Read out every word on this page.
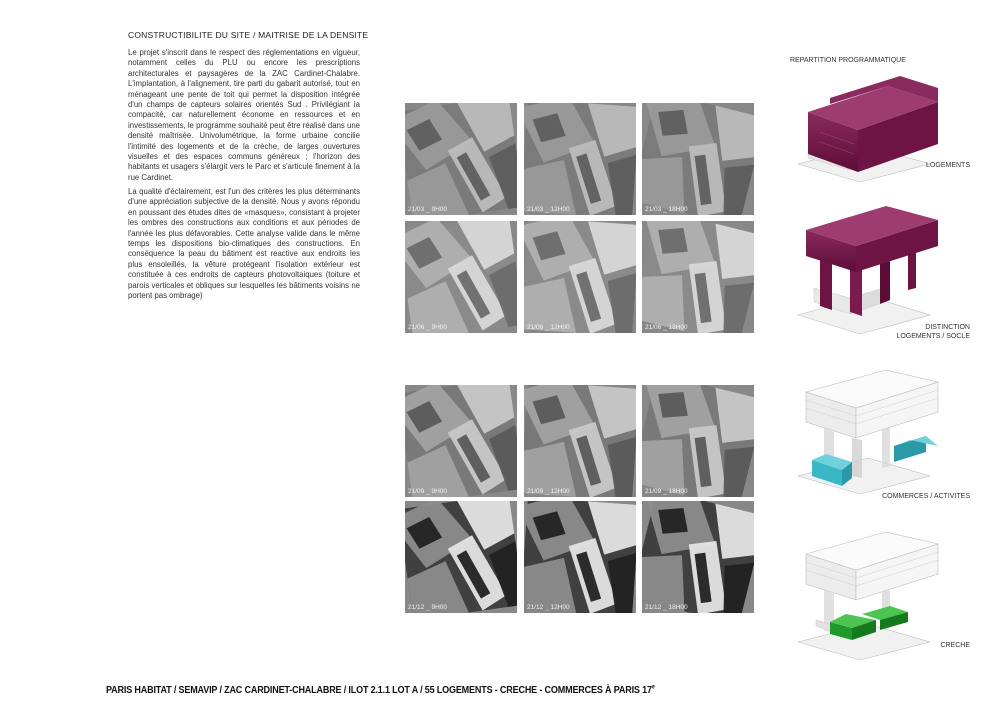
CONSTRUCTIBILITE DU SITE / MAITRISE DE LA DENSITE
Le projet s'inscrit dans le respect des réglementations en vigueur, notamment celles du PLU ou encore les prescriptions architecturales et paysagères de la ZAC Cardinet-Chalabre. L'implantation, à l'alignement, tire parti du gabarit autorisé, tout en ménageant une pente de toit qui permet la disposition intégrée d'un champs de capteurs solaires orientés Sud . Privilégiant la compacité, car naturellement économe en ressources et en investissements, le programme souhaité peut être réalisé dans une densité maîtrisée. Univolumétrique, la forme urbaine concilie l'intimité des logements et de la crèche, de larges ouvertures visuelles et des espaces communs généreux ; l'horizon des habitants et usagers s'élargit vers le Parc et s'articule finement à la rue Cardinet.
La qualité d'éclairement, est l'un des critères les plus déterminants d'une appréciation subjective de la densité. Nous y avons répondu en poussant des études dites de «masques», consistant à projeter les ombres des constructions aux conditions et aux périodes de l'année les plus défavorables. Cette analyse valide dans le même temps les dispositions bio-climatiques des constructions. En conséquence la peau du bâtiment est reactive aux endroits les plus ensoleillés, la vêture protégeant l'isolation extérieur est constituée à ces endroits de capteurs photovoltaiques (toiture et parois verticales et obliques sur lesquelles les bâtiments voisins ne portent pas ombrage)
21/03 _ 9H00	21/03 _ 12H00	21/03 _ 18H00
21/06 _ 9H00	21/06 _ 12H00	21/06 _ 18H00
21/09 _ 9H00	21/09 _ 12H00	21/09 _ 18H00
21/12 _ 9H00	21/12 _ 12H00	21/12 _ 18H00
REPARTITION PROGRAMMATIQUE
LOGEMENTS
DISTINCTION
LOGEMENTS / SOCLE
COMMERCES / ACTIVITES
CRECHE
PARIS HABITAT / SEMAVIP / ZAC CARDINET-CHALABRE / ILOT 2.1.1 LOT A / 55 LOGEMENTS - CRECHE - COMMERCES À PARIS 17e
